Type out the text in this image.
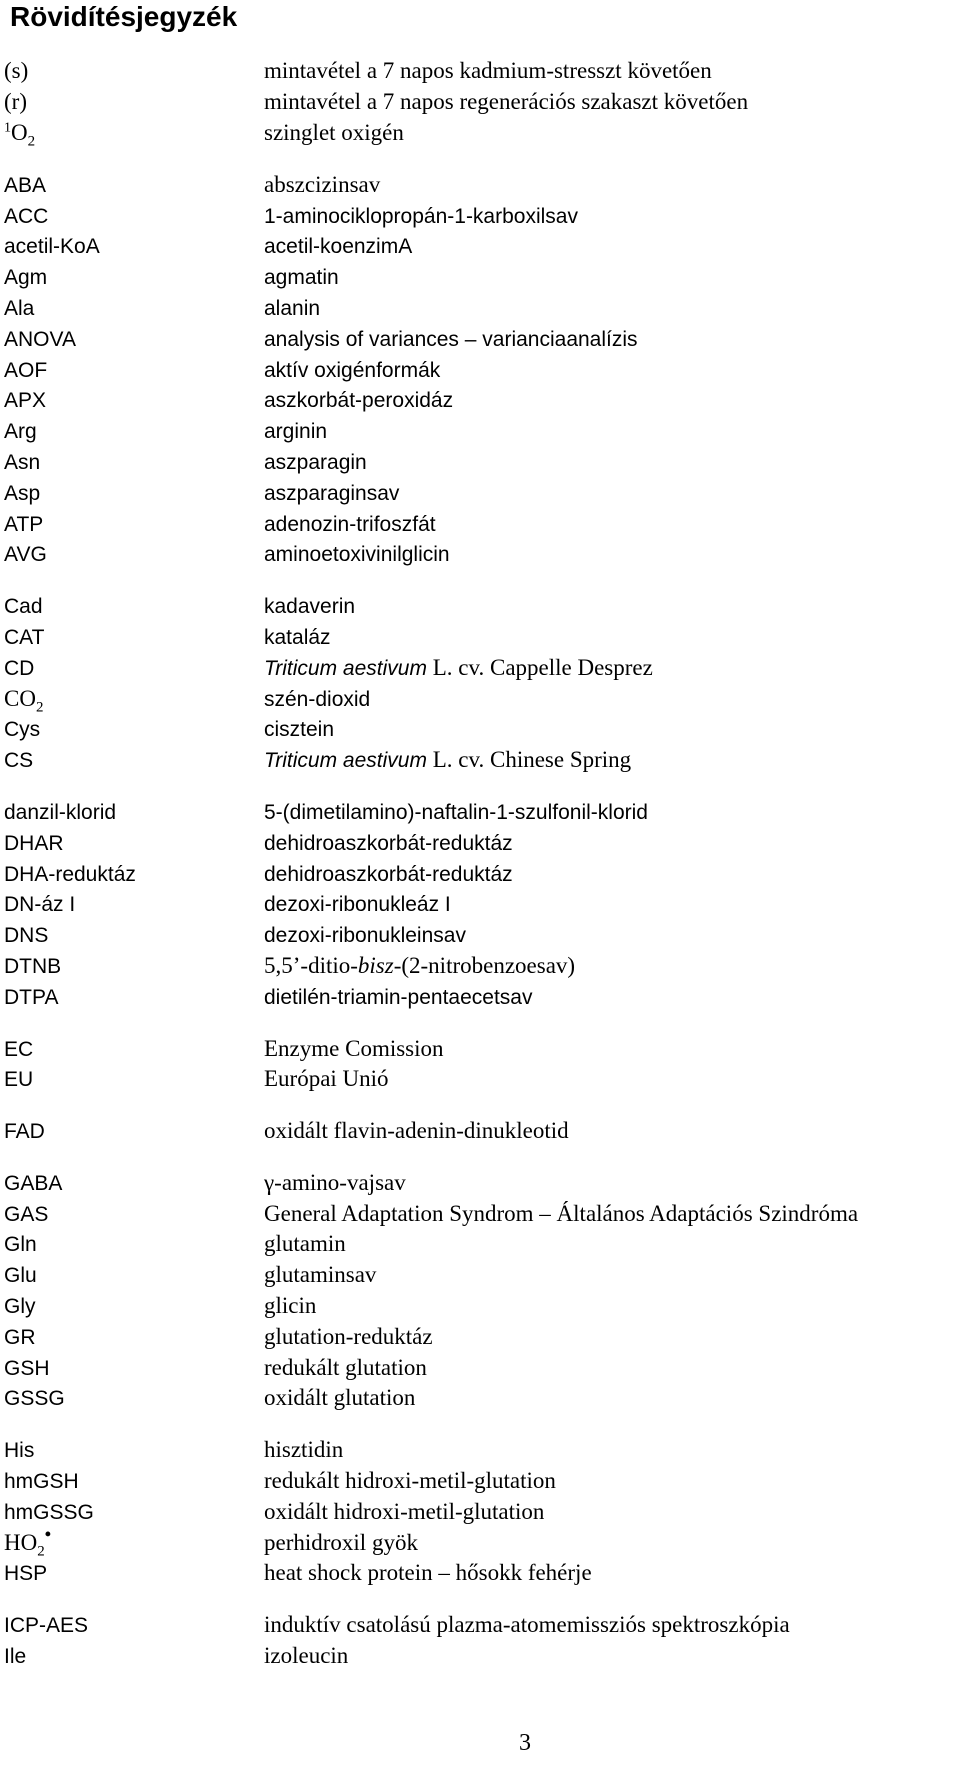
Rövidítésjegyzék
(s)	mintavétel a 7 napos kadmium-stresszt követően
(r)	mintavétel a 7 napos regenerációs szakaszt követően
$^1O_2$	szinglet oxigén
ABA	abszcizinsav
ACC	1-aminociklopropán-1-karboxilsav
acetil-KoA	acetil-koenzimA
Agm	agmatin
Ala	alanin
ANOVA	analysis of variances – varianciaanalízis
AOF	aktív oxigénformák
APX	aszkorbát-peroxidáz
Arg	arginin
Asn	aszparagin
Asp	aszparaginsav
ATP	adenozin-trifoszfát
AVG	aminoetoxivinilglicin
Cad	kadaverin
CAT	kataláz
CD	Triticum aestivum L. cv. Cappelle Desprez
$CO_2$	szén-dioxid
Cys	cisztein
CS	Triticum aestivum L. cv. Chinese Spring
danzil-klorid	5-(dimetilamino)-naftalin-1-szulfonil-klorid
DHAR	dehidroaszkorbát-reduktáz
DHA-reduktáz	dehidroaszkorbát-reduktáz
DN-áz I	dezoxi-ribonukleáz I
DNS	dezoxi-ribonukleinsav
DTNB	5,5’-ditio-bisz-(2-nitrobenzoesav)
DTPA	dietilén-triamin-pentaecetsav
EC	Enzyme Comission
EU	Európai Unió
FAD	oxidált flavin-adenin-dinukleotid
GABA	γ-amino-vajsav
GAS	General Adaptation Syndrom – Általános Adaptációs Szindróma
Gln	glutamin
Glu	glutaminsav
Gly	glicin
GR	glutation-reduktáz
GSH	redukált glutation
GSSG	oxidált glutation
His	hisztidin
hmGSH	redukált hidroxi-metil-glutation
hmGSSG	oxidált hidroxi-metil-glutation
$HO_2^•$	perhidroxil gyök
HSP	heat shock protein – hősokk fehérje
ICP-AES	induktív csatolású plazma-atomemissziós spektroszkópia
Ile	izoleucin
3
